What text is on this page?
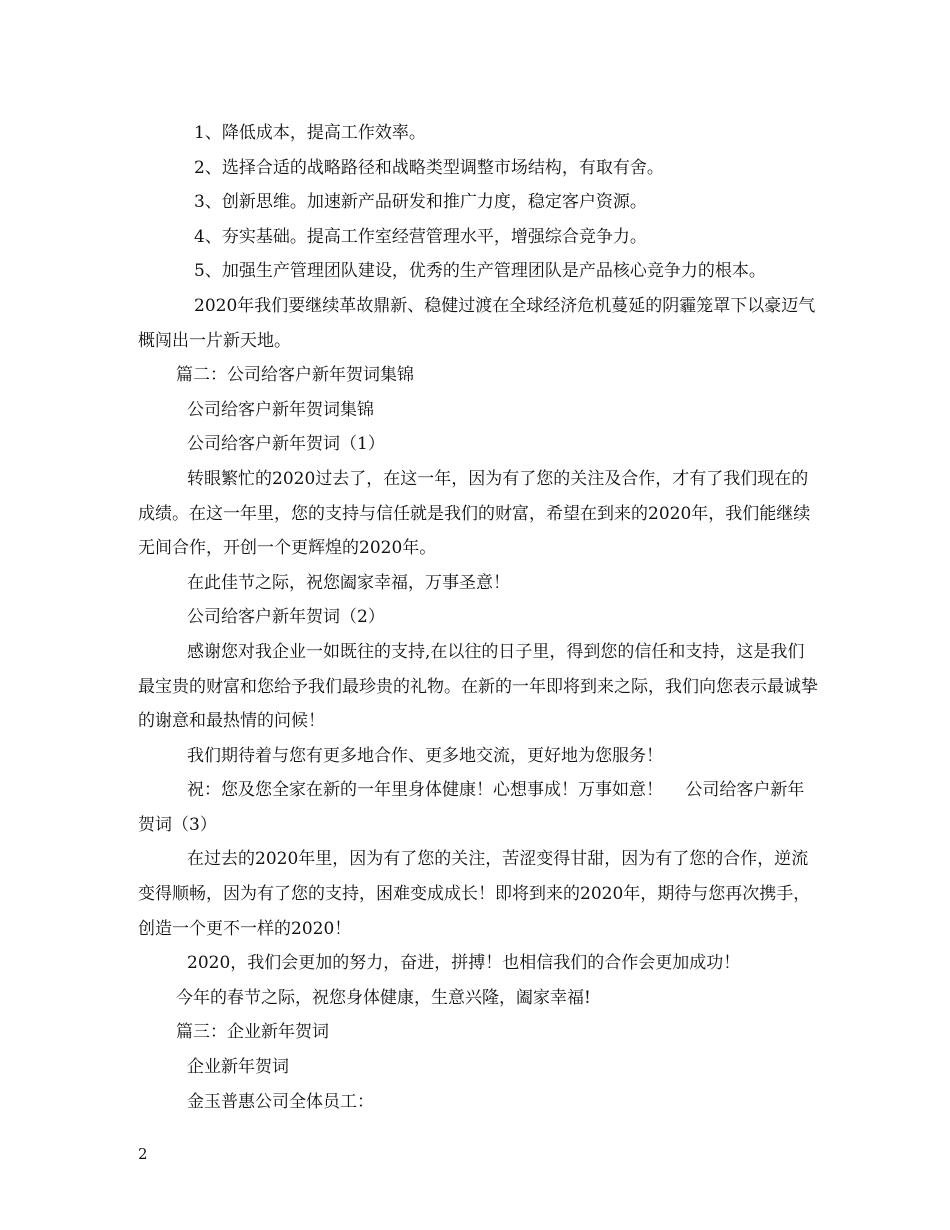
1、降低成本，提高工作效率。

2、选择合适的战略路径和战略类型调整市场结构，有取有舍。

3、创新思维。加速新产品研发和推广力度，稳定客户资源。

4、夯实基础。提高工作室经营管理水平，增强综合竞争力。

5、加强生产管理团队建设，优秀的生产管理团队是产品核心竞争力的根本。

2020年我们要继续革故鼎新、稳健过渡在全球经济危机蔓延的阴霾笼罩下以豪迈气概闯出一片新天地。

篇二：公司给客户新年贺词集锦

公司给客户新年贺词集锦

公司给客户新年贺词（1）

转眼繁忙的2020过去了，在这一年，因为有了您的关注及合作，才有了我们现在的成绩。在这一年里，您的支持与信任就是我们的财富，希望在到来的2020年，我们能继续无间合作，开创一个更辉煌的2020年。

在此佳节之际，祝您阖家幸福，万事圣意！

公司给客户新年贺词（2）

感谢您对我企业一如既往的支持,在以往的日子里，得到您的信任和支持，这是我们最宝贵的财富和您给予我们最珍贵的礼物。在新的一年即将到来之际，我们向您表示最诚挚的谢意和最热情的问候！

我们期待着与您有更多地合作、更多地交流，更好地为您服务！

祝：您及您全家在新的一年里身体健康！心想事成！万事如意！　 公司给客户新年贺词（3）

在过去的2020年里，因为有了您的关注，苦涩变得甘甜，因为有了您的合作，逆流变得顺畅，因为有了您的支持，困难变成成长！即将到来的2020年，期待与您再次携手，创造一个更不一样的2020！

2020，我们会更加的努力，奋进，拼搏！也相信我们的合作会更加成功！

今年的春节之际，祝您身体健康，生意兴隆，阖家幸福!

篇三：企业新年贺词

企业新年贺词

金玉普惠公司全体员工：

2
